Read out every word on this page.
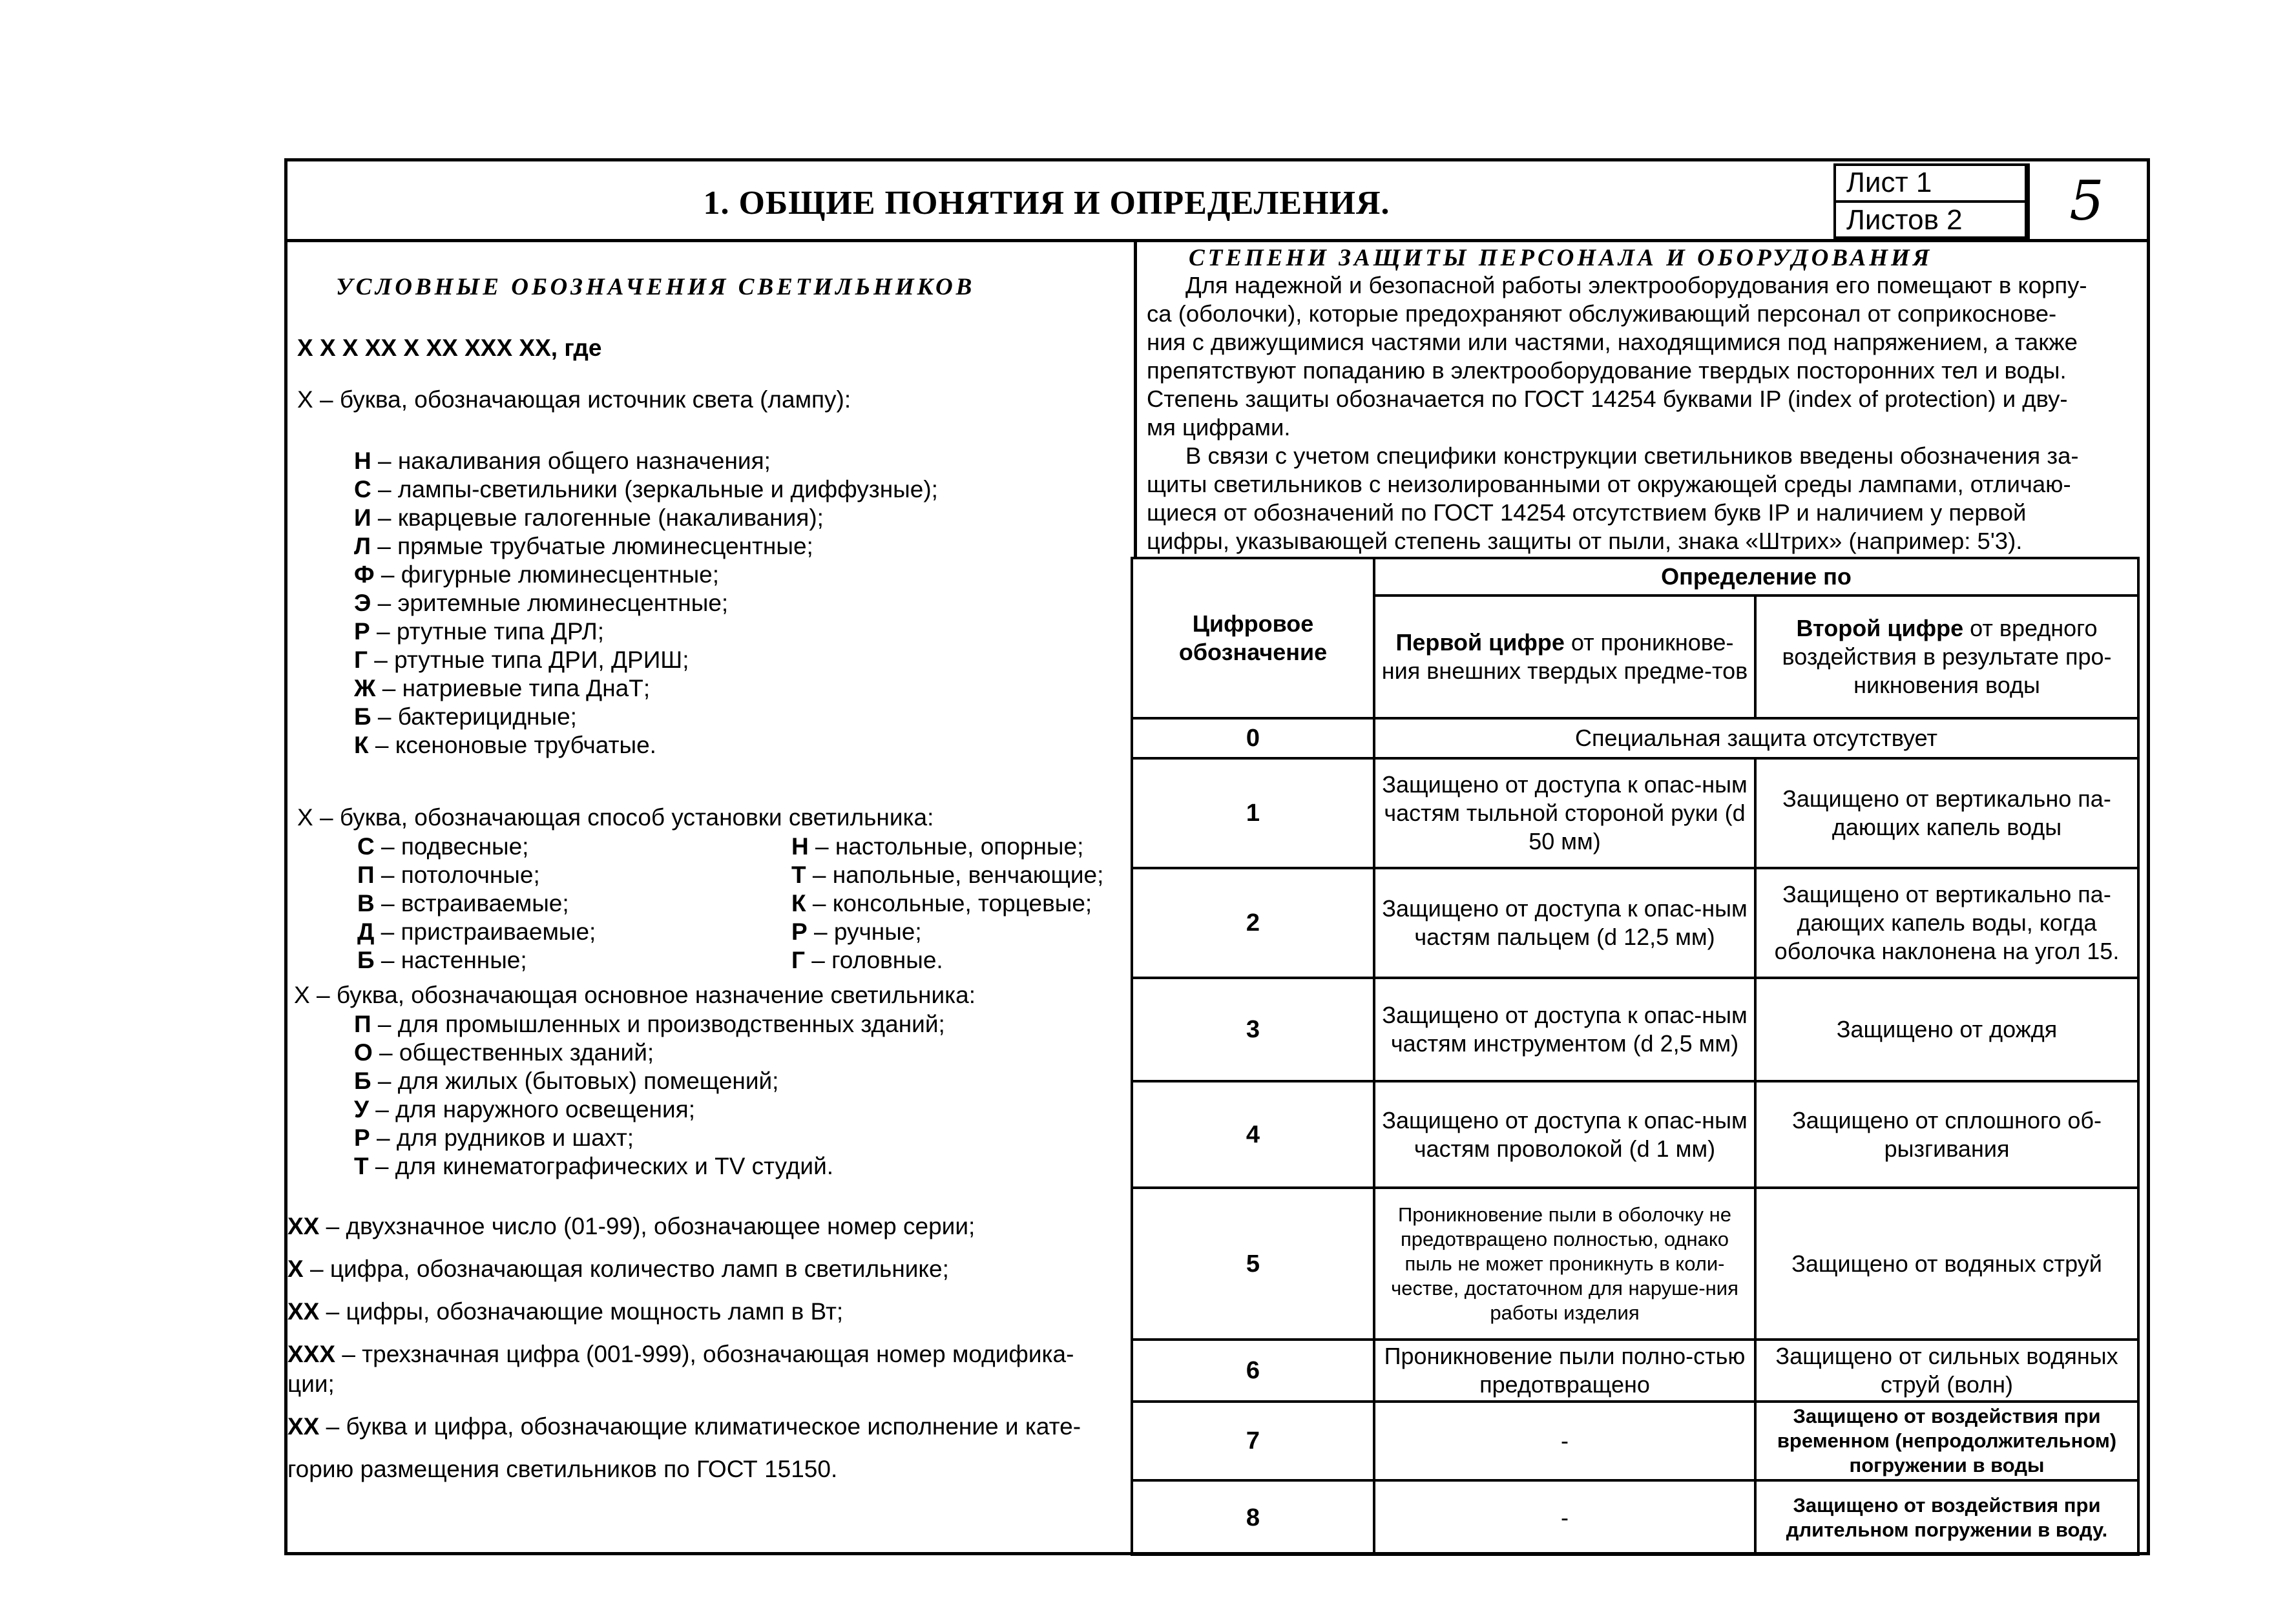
1. ОБЩИЕ ПОНЯТИЯ И ОПРЕДЕЛЕНИЯ.
Лист 1
Листов 2	5
УСЛОВНЫЕ ОБОЗНАЧЕНИЯ СВЕТИЛЬНИКОВ
Х Х Х ХХ Х ХХ ХХХ ХХ, где
Х – буква, обозначающая источник света (лампу):
Н – накаливания общего назначения;
С – лампы-светильники (зеркальные и диффузные);
И – кварцевые галогенные (накаливания);
Л – прямые трубчатые люминесцентные;
Ф – фигурные люминесцентные;
Э – эритемные люминесцентные;
Р – ртутные типа ДРЛ;
Г – ртутные типа ДРИ, ДРИШ;
Ж – натриевые типа ДнаТ;
Б – бактерицидные;
К – ксеноновые трубчатые.
Х – буква, обозначающая способ установки светильника:
С – подвесные;
П – потолочные;
В – встраиваемые;
Д – пристраиваемые;
Б – настенные;
Н – настольные, опорные;
Т – напольные, венчающие;
К – консольные, торцевые;
Р – ручные;
Г – головные.
Х – буква, обозначающая основное назначение светильника:
П – для промышленных и производственных зданий;
О – общественных зданий;
Б – для жилых (бытовых) помещений;
У – для наружного освещения;
Р – для рудников и шахт;
Т – для кинематографических и TV студий.
ХХ – двухзначное число (01-99), обозначающее номер серии;
Х – цифра, обозначающая количество ламп в светильнике;
ХХ – цифры, обозначающие мощность ламп в Вт;
ХХХ – трехзначная цифра (001-999), обозначающая номер модифика-
ции;
ХХ – буква и цифра, обозначающие климатическое исполнение и кате-
горию размещения светильников по ГОСТ 15150.
СТЕПЕНИ ЗАЩИТЫ ПЕРСОНАЛА И ОБОРУДОВАНИЯ
Для надежной и безопасной работы электрооборудования его помещают в корпу-
са (оболочки), которые предохраняют обслуживающий персонал от соприкоснове-
ния с движущимися частями или частями, находящимися под напряжением, а также
препятствуют попаданию в электрооборудование твердых посторонних тел и воды.
Степень защиты обозначается по ГОСТ 14254 буквами IP (index of protection) и дву-
мя цифрами.
В связи с учетом специфики конструкции светильников введены обозначения за-
щиты светильников с неизолированными от окружающей среды лампами, отличаю-
щиеся от обозначений по ГОСТ 14254 отсутствием букв IP и наличием у первой
цифры, указывающей степень защиты от пыли, знака «Штрих» (например: 5'3).
Цифровое обозначение	Определение по	
	Первой цифре от проникнове-ния внешних твердых предме-тов	Второй цифре от вредного воздействия в результате про-никновения воды
0	Специальная защита отсутствует	
1	Защищено от доступа к опас-ным частям тыльной стороной руки (d 50 мм)	Защищено от вертикально па-дающих капель воды
2	Защищено от доступа к опас-ным частям пальцем (d 12,5 мм)	Защищено от вертикально па-дающих капель воды, когда оболочка наклонена на угол 15.
3	Защищено от доступа к опас-ным частям инструментом (d 2,5 мм)	Защищено от дождя
4	Защищено от доступа к опас-ным частям проволокой (d 1 мм)	Защищено от сплошного об-рызгивания
5	Проникновение пыли в оболочку не предотвращено полностью, однако пыль не может проникнуть в коли-честве, достаточном для наруше-ния работы изделия	Защищено от водяных струй
6	Проникновение пыли полно-стью предотвращено	Защищено от сильных водяных струй (волн)
7	-	Защищено от воздействия при временном (непродолжительном) погружении в воды
8	-	Защищено от воздействия при длительном погружении в воду.
